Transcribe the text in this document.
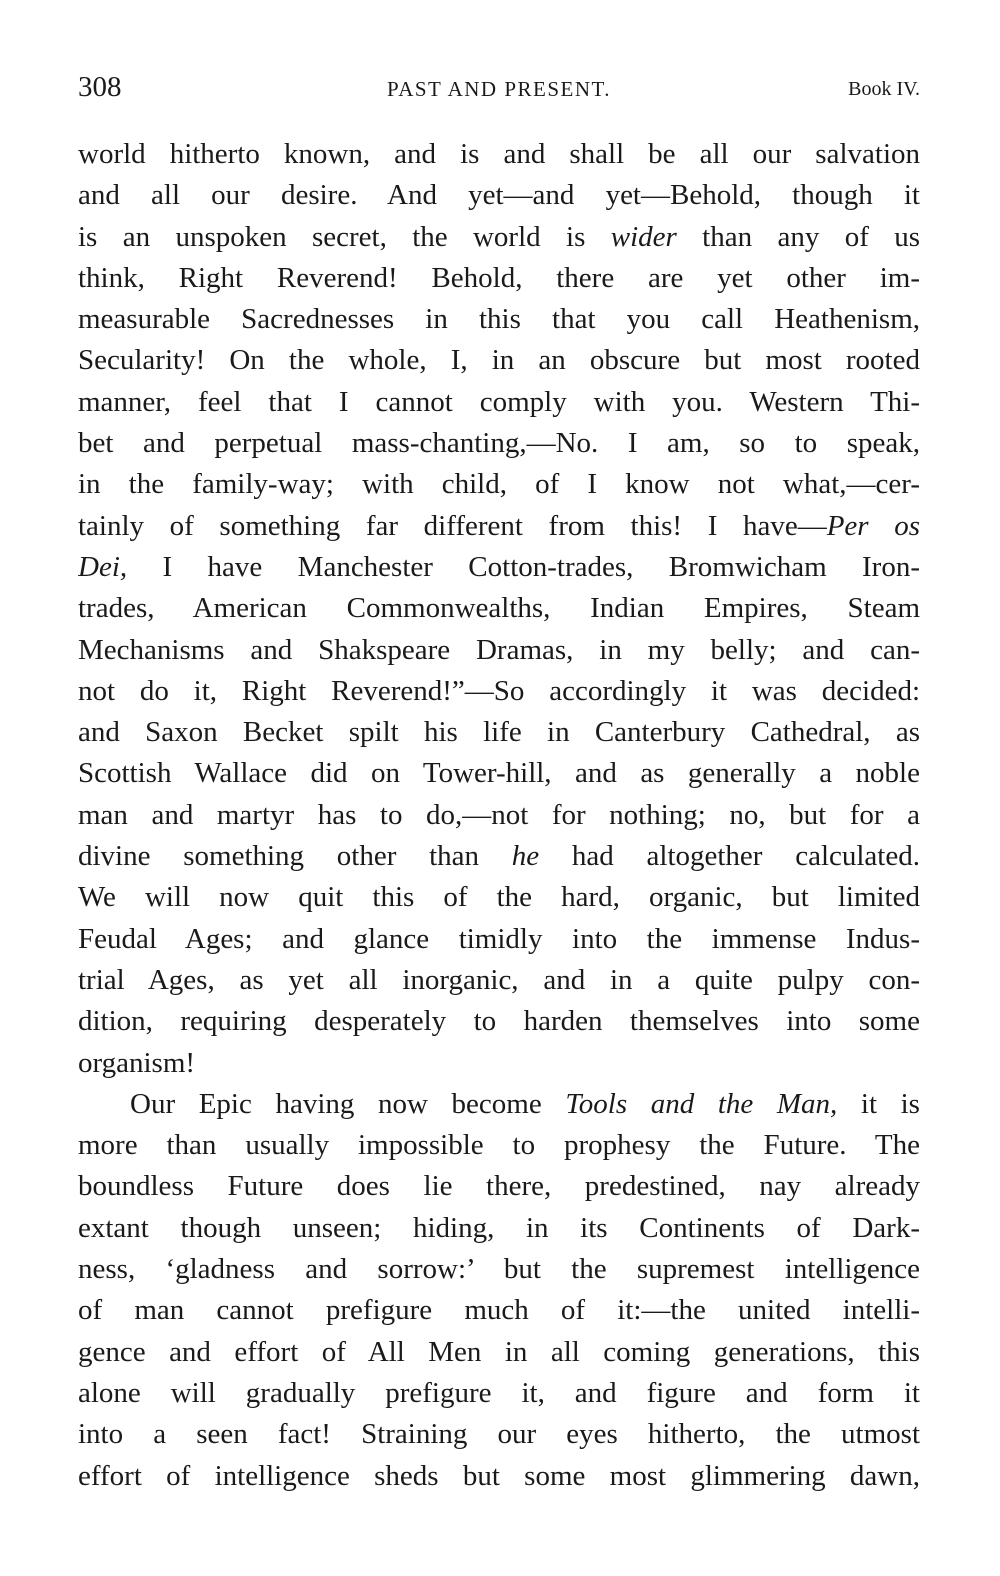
308	PAST AND PRESENT.	Book IV.
world hitherto known, and is and shall be all our salvation
and all our desire. And yet—and yet—Behold, though it
is an unspoken secret, the world is wider than any of us
think, Right Reverend! Behold, there are yet other im-
measurable Sacrednesses in this that you call Heathenism,
Secularity! On the whole, I, in an obscure but most rooted
manner, feel that I cannot comply with you. Western Thi-
bet and perpetual mass-chanting,—No. I am, so to speak,
in the family-way; with child, of I know not what,—cer-
tainly of something far different from this! I have—Per os
Dei, I have Manchester Cotton-trades, Bromwicham Iron-
trades, American Commonwealths, Indian Empires, Steam
Mechanisms and Shakspeare Dramas, in my belly; and can-
not do it, Right Reverend!”—So accordingly it was decided:
and Saxon Becket spilt his life in Canterbury Cathedral, as
Scottish Wallace did on Tower-hill, and as generally a noble
man and martyr has to do,—not for nothing; no, but for a
divine something other than he had altogether calculated.
We will now quit this of the hard, organic, but limited
Feudal Ages; and glance timidly into the immense Indus-
trial Ages, as yet all inorganic, and in a quite pulpy con-
dition, requiring desperately to harden themselves into some
organism!
Our Epic having now become Tools and the Man, it is
more than usually impossible to prophesy the Future. The
boundless Future does lie there, predestined, nay already
extant though unseen; hiding, in its Continents of Dark-
ness, ‘gladness and sorrow:’ but the supremest intelligence
of man cannot prefigure much of it:—the united intelli-
gence and effort of All Men in all coming generations, this
alone will gradually prefigure it, and figure and form it
into a seen fact! Straining our eyes hitherto, the utmost
effort of intelligence sheds but some most glimmering dawn,
